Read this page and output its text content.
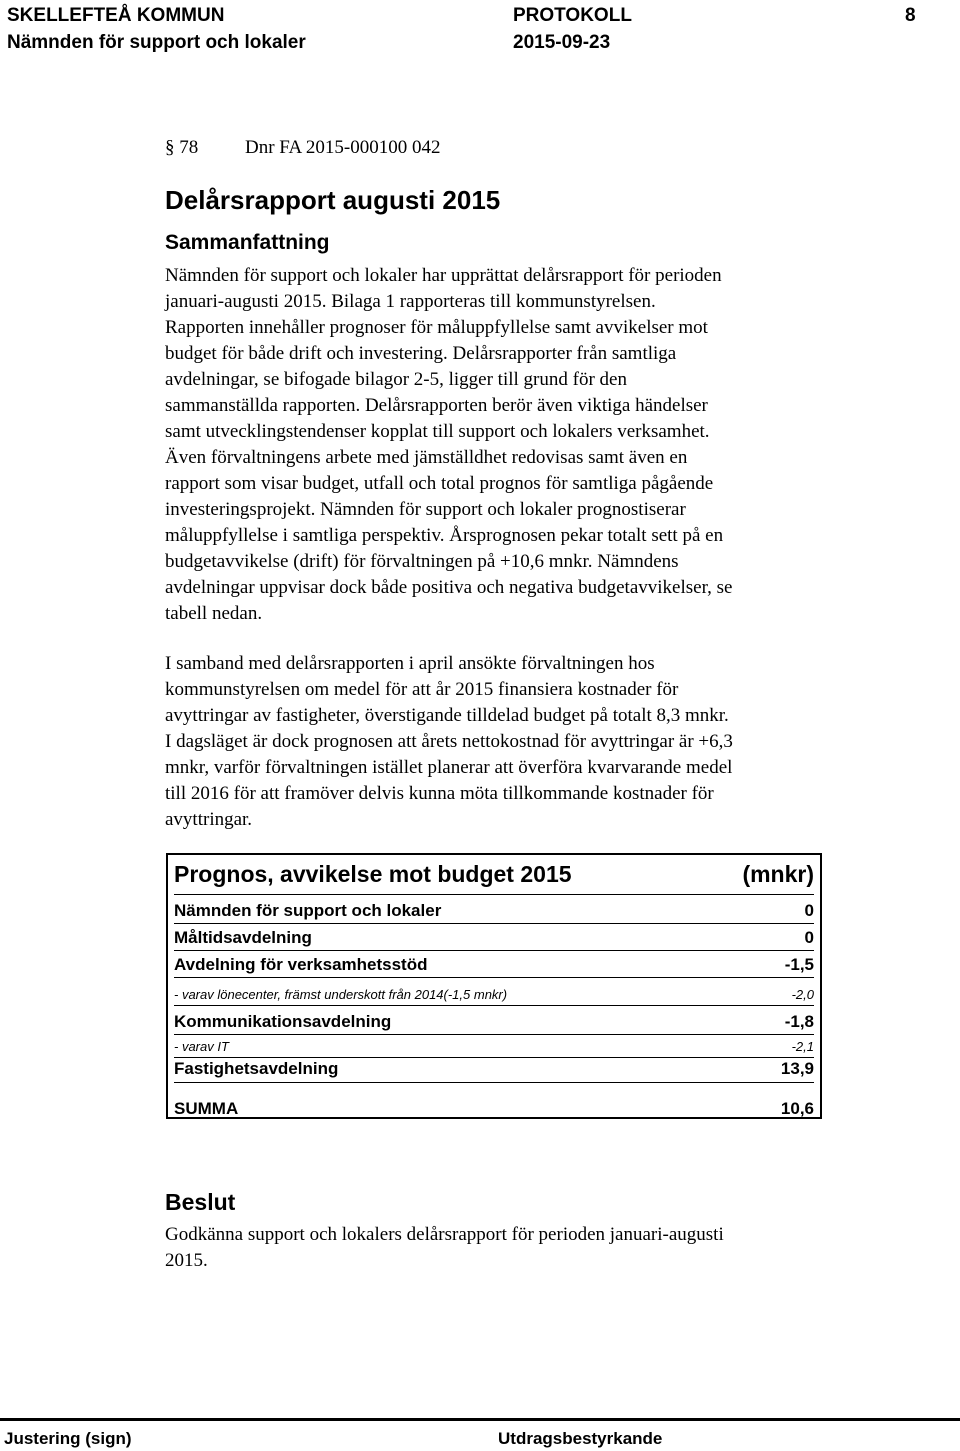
SKELLEFTEÅ KOMMUN	PROTOKOLL	8
Nämnden för support och lokaler	2015-09-23
§ 78 Dnr FA 2015-000100 042
Delårsrapport augusti 2015
Sammanfattning

Nämnden för support och lokaler har upprättat delårsrapport för perioden
januari-augusti 2015. Bilaga 1 rapporteras till kommunstyrelsen.
Rapporten innehåller prognoser för måluppfyllelse samt avvikelser mot
budget för både drift och investering. Delårsrapporter från samtliga
avdelningar, se bifogade bilagor 2-5, ligger till grund för den
sammanställda rapporten. Delårsrapporten berör även viktiga händelser
samt utvecklingstendenser kopplat till support och lokalers verksamhet.
Även förvaltningens arbete med jämställdhet redovisas samt även en
rapport som visar budget, utfall och total prognos för samtliga pågående
investeringsprojekt. Nämnden för support och lokaler prognostiserar
måluppfyllelse i samtliga perspektiv. Årsprognosen pekar totalt sett på en
budgetavvikelse (drift) för förvaltningen på +10,6 mnkr. Nämndens
avdelningar uppvisar dock både positiva och negativa budgetavvikelser, se
tabell nedan.

I samband med delårsrapporten i april ansökte förvaltningen hos
kommunstyrelsen om medel för att år 2015 finansiera kostnader för
avyttringar av fastigheter, överstigande tilldelad budget på totalt 8,3 mnkr.
I dagsläget är dock prognosen att årets nettokostnad för avyttringar är +6,3
mnkr, varför förvaltningen istället planerar att överföra kvarvarande medel
till 2016 för att framöver delvis kunna möta tillkommande kostnader för
avyttringar.

Prognos, avvikelse mot budget 2015	(mnkr)
Nämnden för support och lokaler	0
Måltidsavdelning	0
Avdelning för verksamhetsstöd	-1,5
- varav lönecenter, främst underskott från 2014(-1,5 mnkr)	-2,0
Kommunikationsavdelning	-1,8
- varav IT	-2,1
Fastighetsavdelning	13,9
SUMMA	10,6
Beslut

Godkänna support och lokalers delårsrapport för perioden januari-augusti
2015.

Justering (sign)	Utdragsbestyrkande
